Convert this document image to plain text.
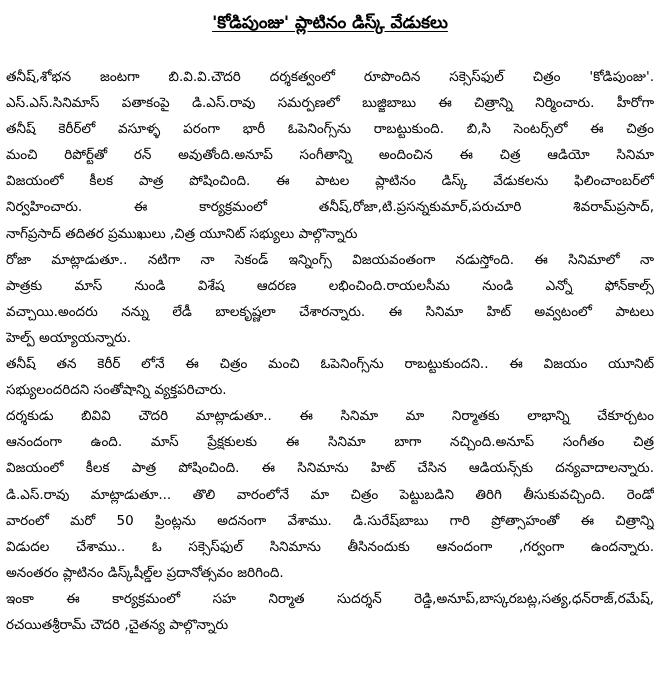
'కోడిపుంజు' ప్లాటినం డిస్క్ వేడుకలు
తనీష్,శోభన జంటగా బి.వి.వి.చౌదరి దర్శకత్వంలో రూపొందిన సక్సెస్‌ఫుల్ చిత్రం 'కోడిపుంజు'.
ఎస్.ఎస్.సినిమాస్ పతాకంపై డి.ఎస్.రావు సమర్పణలో బుజ్జిబాబు ఈ చిత్రాన్ని నిర్మించారు. హీరోగా
తనీష్ కెరీర్‌లో వసూళ్ళ పరంగా భారీ ఓపెనింగ్స్‌ను రాబట్టుకుంది. బి,సి సెంటర్స్‌లో ఈ చిత్రం
మంచి రిపోర్ట్‌తో రన్ అవుతోంది.అనూప్ సంగీతాన్ని అందించిన ఈ చిత్ర ఆడియో సినిమా
విజయంలో కీలక పాత్ర పోషించింది. ఈ పాటల ప్లాటినం డిస్క్ వేడుకలను ఫిలించాంబర్‌లో
నిర్వహించారు. ఈ కార్యక్రమంలో తనీష్,రోజా,టి.ప్రసన్నకుమార్,పరుచూరి శివరామ్‌ప్రసాద్,
నాగ్‌ప్రసాద్ తదితర ప్రముఖులు ,చిత్ర యూనిట్ సభ్యులు పాల్గొన్నారు
రోజా మాట్లాడుతూ.. నటిగా నా సెకండ్ ఇన్నింగ్స్ విజయవంతంగా నడుస్తోంది. ఈ సినిమాలో నా
పాత్రకు మాస్ నుండి విశేష ఆదరణ లభించింది.రాయలసీమ నుండి ఎన్నో ఫోన్‌కాల్స్
వచ్చాయి.అందరు నన్ను లేడీ బాలకృష్ణలా చేశారన్నారు. ఈ సినిమా హిట్ అవ్వటంలో పాటలు
హెల్ప్ అయ్యాయన్నారు.
తనీష్ తన కెరీర్ లోనే ఈ చిత్రం మంచి ఓపెనింగ్స్‌ను రాబట్టుకుందని.. ఈ విజయం యూనిట్
సభ్యులందరిదని సంతోషాన్ని వ్యక్తపరిచారు.
దర్శకుడు బివివి చౌదరి మాట్లాడుతూ.. ఈ సినిమా మా నిర్మాతకు లాభాన్ని చేకూర్చటం
ఆనందంగా ఉంది. మాస్ ప్రేక్షకులకు ఈ సినిమా బాగా నచ్చింది.అనూప్ సంగీతం చిత్ర
విజయంలో కీలక పాత్ర పోషించింది. ఈ సినిమాను హిట్ చేసిన ఆడియన్స్‌కు దన్యవాదాలన్నారు.
డి.ఎస్.రావు మాట్లాడుతూ... తొలి వారంలోనే మా చిత్రం పెట్టుబడిని తిరిగి తీసుకువచ్చింది. రెండో
వారంలో మరో 50 ప్రింట్లను అదనంగా వేశాము. డి.సురేష్‌బాబు గారి ప్రోత్సాహంతో ఈ చిత్రాన్ని
విడుదల చేశాము.. ఓ సక్సెస్‌ఫుల్ సినిమాను తీసినందుకు ఆనందంగా ,గర్వంగా ఉందన్నారు.
అనంతరం ప్లాటినం డిస్క్‌షీల్డ్‌ల ప్రదానోత్సవం జరిగింది.
ఇంకా ఈ కార్యక్రమంలో సహ నిర్మాత సుదర్శన్ రెడ్డి,అనూప్,బాస్కరబట్ల,సత్య,ధన్‌రాజ్,రమేష్,
రచయితశ్రీరామ్ చౌదరి ,చైతన్య పాల్గొన్నారు
